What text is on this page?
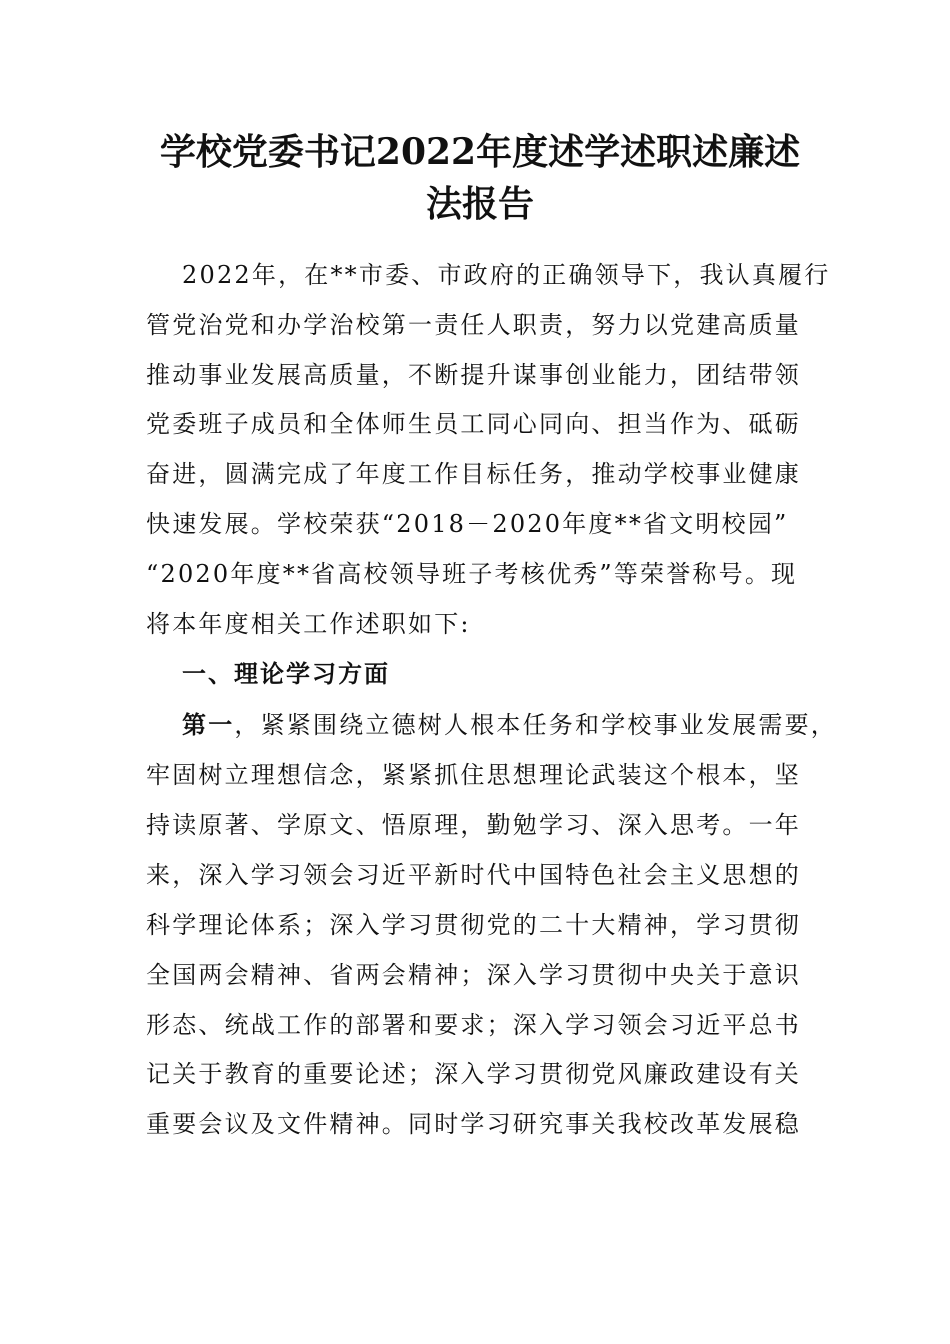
学校党委书记2022年度述学述职述廉述
法报告
2022年，在**市委、市政府的正确领导下，我认真履行
管党治党和办学治校第一责任人职责，努力以党建高质量
推动事业发展高质量，不断提升谋事创业能力，团结带领
党委班子成员和全体师生员工同心同向、担当作为、砥砺
奋进，圆满完成了年度工作目标任务，推动学校事业健康
快速发展。学校荣获“2018－2020年度**省文明校园”
“2020年度**省高校领导班子考核优秀”等荣誉称号。现
将本年度相关工作述职如下:
一、理论学习方面
第一，紧紧围绕立德树人根本任务和学校事业发展需要，
牢固树立理想信念，紧紧抓住思想理论武装这个根本，坚
持读原著、学原文、悟原理，勤勉学习、深入思考。一年
来，深入学习领会习近平新时代中国特色社会主义思想的
科学理论体系；深入学习贯彻党的二十大精神，学习贯彻
全国两会精神、省两会精神；深入学习贯彻中央关于意识
形态、统战工作的部署和要求；深入学习领会习近平总书
记关于教育的重要论述；深入学习贯彻党风廉政建设有关
重要会议及文件精神。同时学习研究事关我校改革发展稳
